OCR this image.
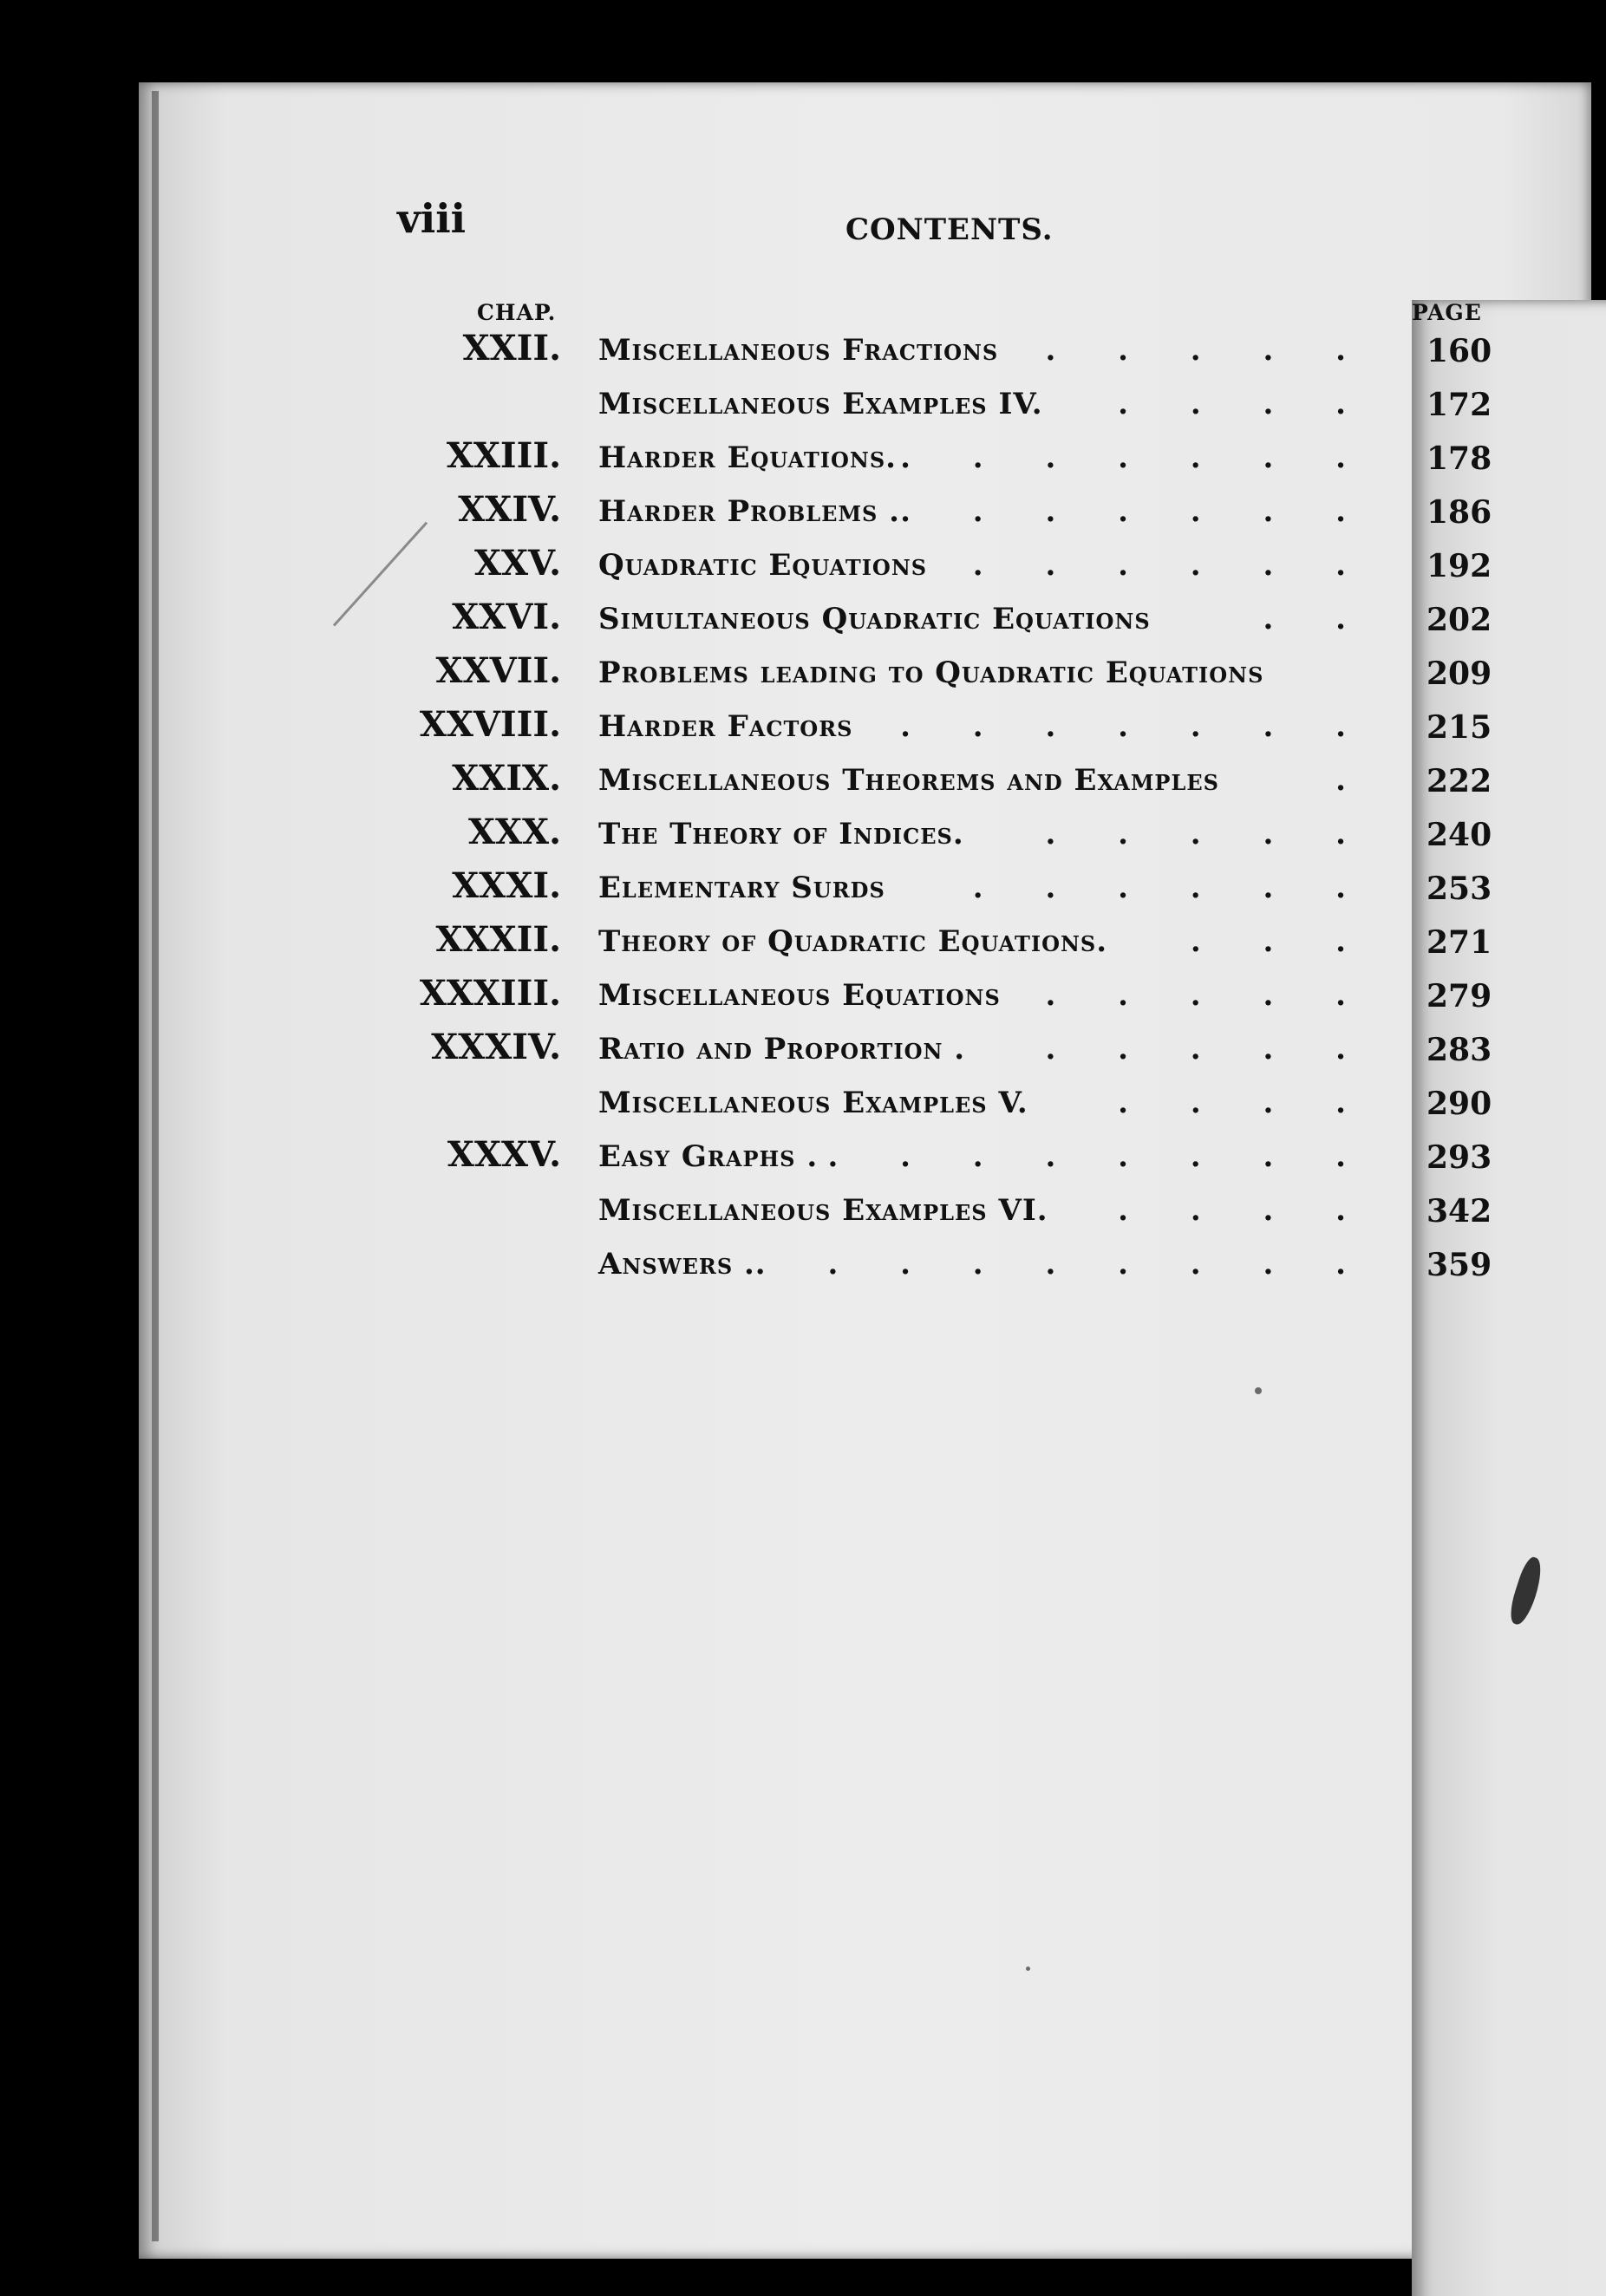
viii	CONTENTS.
CHAP.	PAGE
XXII. Miscellaneous Fractions . . . . . 160
Miscellaneous Examples IV.	. . . . 172
XXIII. Harder Equations. . . . . . . . 178
XXIV. Harder Problems . . . . . . . . 186
XXV. Quadratic Equations . . . . . . 192
XXVI. Simultaneous Quadratic Equations	. . 202
XXVII. Problems leading to Quadratic Equations	209
XXVIII. Harder Factors . . . . . . . 215
XXIX. Miscellaneous Theorems and Examples	. 222
XXX. The Theory of Indices.	. . . . . 240
XXXI. Elementary Surds	. . . . . . 253
XXXII. Theory of Quadratic Equations.	. . . 271
XXXIII. Miscellaneous Equations . . . . . 279
XXXIV. Ratio and Proportion .	. . . . . 283
Miscellaneous Examples V.	. . . . 290
XXXV. Easy Graphs . . . . . . . . . 293
Miscellaneous Examples VI. . . . . 342
Answers . . . . . . . . . . 359
